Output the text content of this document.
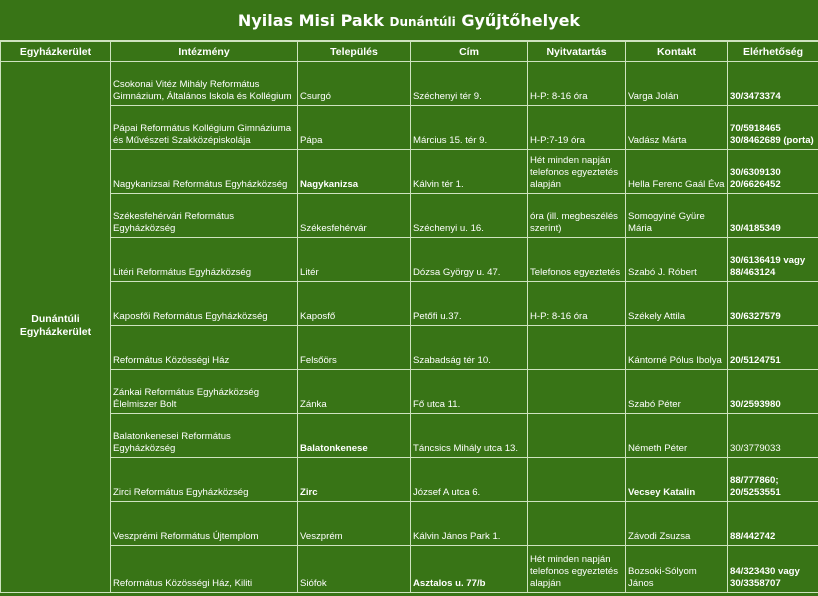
Nyilas Misi Pakk Dunántúli Gyűjtőhelyek
Egyházkerület	Intézmény	Település	Cím	Nyitvatartás	Kontakt	Elérhetőség
Dunántúli Egyházkerület	Csokonai Vitéz Mihály Református Gimnázium, Általános Iskola és Kollégium	Csurgó	Széchenyi tér 9.	H-P: 8-16 óra	Varga Jolán	30/3473374
	Pápai Református Kollégium Gimnáziuma és Művészeti Szakközépiskolája	Pápa	Március 15. tér 9.	H-P:7-19 óra	Vadász Márta	70/5918465 30/8462689 (porta)
	Nagykanizsai Református Egyházközség	Nagykanizsa	Kálvin tér 1.	Hét minden napján telefonos egyeztetés alapján	Hella Ferenc Gaál Éva	30/6309130 20/6626452
	Székesfehérvári Református Egyházközség	Székesfehérvár	Széchenyi u. 16.	óra (ill. megbeszélés szerint)	Somogyiné Gyüre Mária	30/4185349
	Litéri Református Egyházközség	Litér	Dózsa György u. 47.	Telefonos egyeztetés	Szabó J. Róbert	30/6136419 vagy 88/463124
	Kaposfői Református Egyházközség	Kaposfő	Petőfi u.37.	H-P: 8-16 óra	Székely Attila	30/6327579
	Református Közösségi Ház	Felsőörs	Szabadság tér 10.		Kántorné Pólus Ibolya	20/5124751
	Zánkai Református Egyházközség Élelmiszer Bolt	Zánka	Fő utca 11.		Szabó Péter	30/2593980
	Balatonkenesei Református Egyházközség	Balatonkenese	Táncsics Mihály utca 13.		Németh Péter	30/3779033
	Zirci Református Egyházközség	Zirc	József A utca 6.		Vecsey Katalin	88/777860; 20/5253551
	Veszprémi Református Újtemplom	Veszprém	Kálvin János Park 1.		Závodi Zsuzsa	88/442742
	Református Közösségi Ház, Kiliti	Siófok	Asztalos u. 77/b	Hét minden napján telefonos egyeztetés alapján	Bozsoki-Sólyom János	84/323430 vagy 30/3358707
